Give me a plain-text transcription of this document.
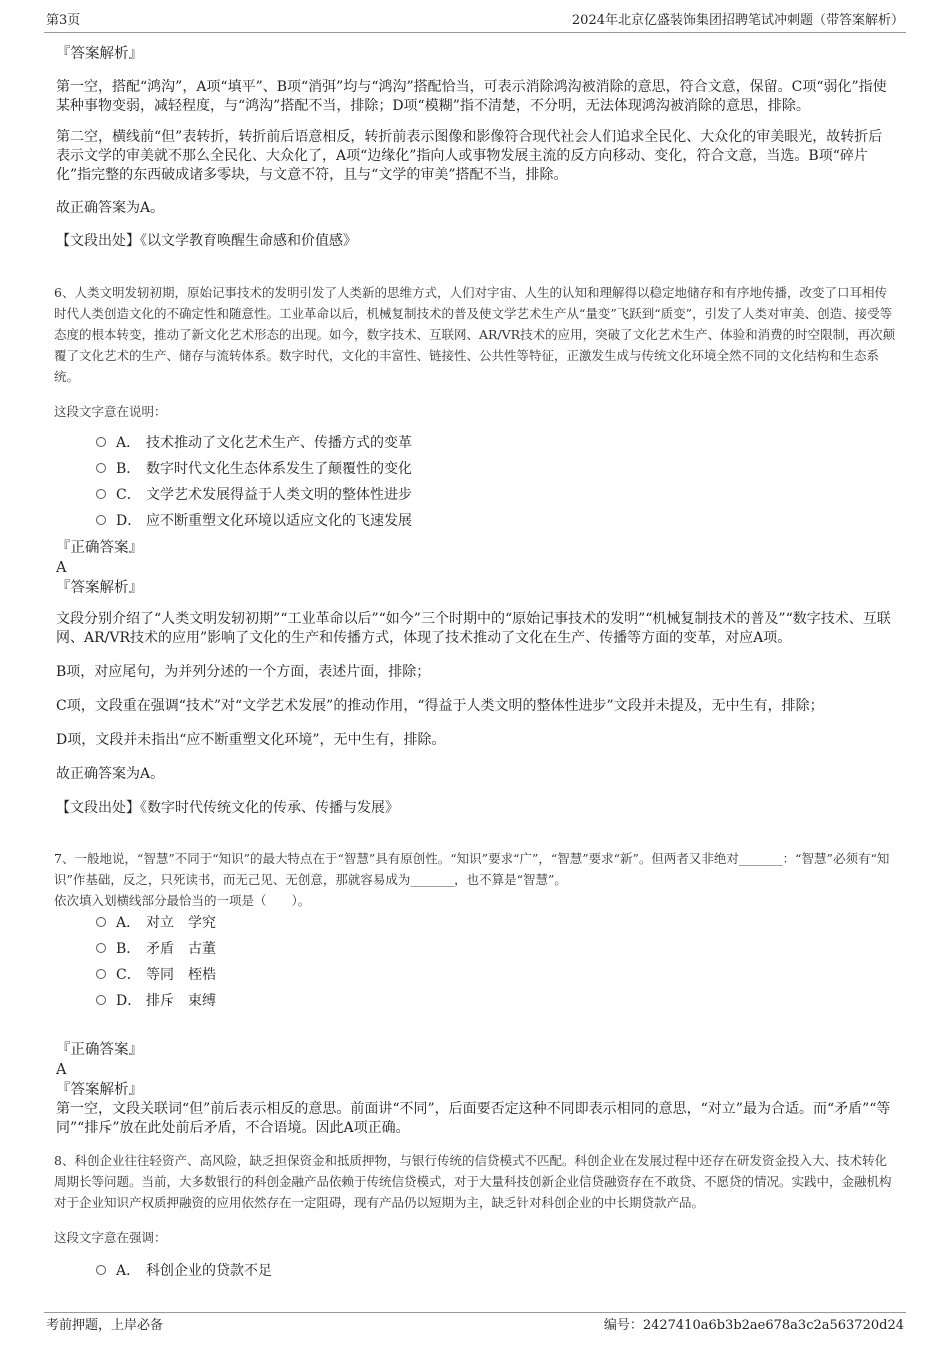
第3页	2024年北京亿盛装饰集团招聘笔试冲刺题（带答案解析）
『答案解析』

第一空，搭配“鸿沟”，A项“填平”、B项“消弭”均与“鸿沟”搭配恰当，可表示消除鸿沟被消除的意思，符合文意，保留。C项“弱化”指使某种事物变弱，减轻程度，与“鸿沟”搭配不当，排除；D项“模糊”指不清楚，不分明，无法体现鸿沟被消除的意思，排除。

第二空，横线前“但”表转折，转折前后语意相反，转折前表示图像和影像符合现代社会人们追求全民化、大众化的审美眼光，故转折后表示文学的审美就不那么全民化、大众化了，A项“边缘化”指向人或事物发展主流的反方向移动、变化，符合文意，当选。B项“碎片化”指完整的东西破成诸多零块，与文意不符，且与“文学的审美”搭配不当，排除。

故正确答案为A。

【文段出处】《以文学教育唤醒生命感和价值感》

6、人类文明发轫初期，原始记事技术的发明引发了人类新的思维方式，人们对宇宙、人生的认知和理解得以稳定地储存和有序地传播，改变了口耳相传时代人类创造文化的不确定性和随意性。工业革命以后，机械复制技术的普及使文学艺术生产从“量变”飞跃到“质变”，引发了人类对审美、创造、接受等态度的根本转变，推动了新文化艺术形态的出现。如今，数字技术、互联网、AR/VR技术的应用，突破了文化艺术生产、体验和消费的时空限制，再次颠覆了文化艺术的生产、储存与流转体系。数字时代，文化的丰富性、链接性、公共性等特征，正激发生成与传统文化环境全然不同的文化结构和生态系统。

这段文字意在说明：

A． 技术推动了文化艺术生产、传播方式的变革
B． 数字时代文化生态体系发生了颠覆性的变化
C． 文学艺术发展得益于人类文明的整体性进步
D． 应不断重塑文化环境以适应文化的飞速发展
『正确答案』
A
『答案解析』

文段分别介绍了“人类文明发轫初期”“工业革命以后”“如今”三个时期中的“原始记事技术的发明”“机械复制技术的普及”“数字技术、互联网、AR/VR技术的应用”影响了文化的生产和传播方式，体现了技术推动了文化在生产、传播等方面的变革，对应A项。

B项，对应尾句，为并列分述的一个方面，表述片面，排除；

C项，文段重在强调“技术”对“文学艺术发展”的推动作用，“得益于人类文明的整体性进步”文段并未提及，无中生有，排除；

D项，文段并未指出“应不断重塑文化环境”，无中生有，排除。

故正确答案为A。

【文段出处】《数字时代传统文化的传承、传播与发展》

7、一般地说，“智慧”不同于“知识”的最大特点在于“智慧”具有原创性。“知识”要求“广”，“智慧”要求“新”。但两者又非绝对_______：“智慧”必须有“知识”作基础，反之，只死读书，而无己见、无创意，那就容易成为_______，也不算是“智慧”。

依次填入划横线部分最恰当的一项是（　　）。

A． 对立　学究
B． 矛盾　古董
C． 等同　桎梏
D． 排斥　束缚
『正确答案』
A
『答案解析』

第一空，文段关联词“但”前后表示相反的意思。前面讲“不同”，后面要否定这种不同即表示相同的意思，“对立”最为合适。而“矛盾”“等同”“排斥”放在此处前后矛盾，不合语境。因此A项正确。

8、科创企业往往轻资产、高风险，缺乏担保资金和抵质押物，与银行传统的信贷模式不匹配。科创企业在发展过程中还存在研发资金投入大、技术转化周期长等问题。当前，大多数银行的科创金融产品依赖于传统信贷模式，对于大量科技创新企业信贷融资存在不敢贷、不愿贷的情况。实践中，金融机构对于企业知识产权质押融资的应用依然存在一定阻碍，现有产品仍以短期为主，缺乏针对科创企业的中长期贷款产品。

这段文字意在强调：

A． 科创企业的贷款不足
考前押题，上岸必备	编号：2427410a6b3b2ae678a3c2a563720d24
